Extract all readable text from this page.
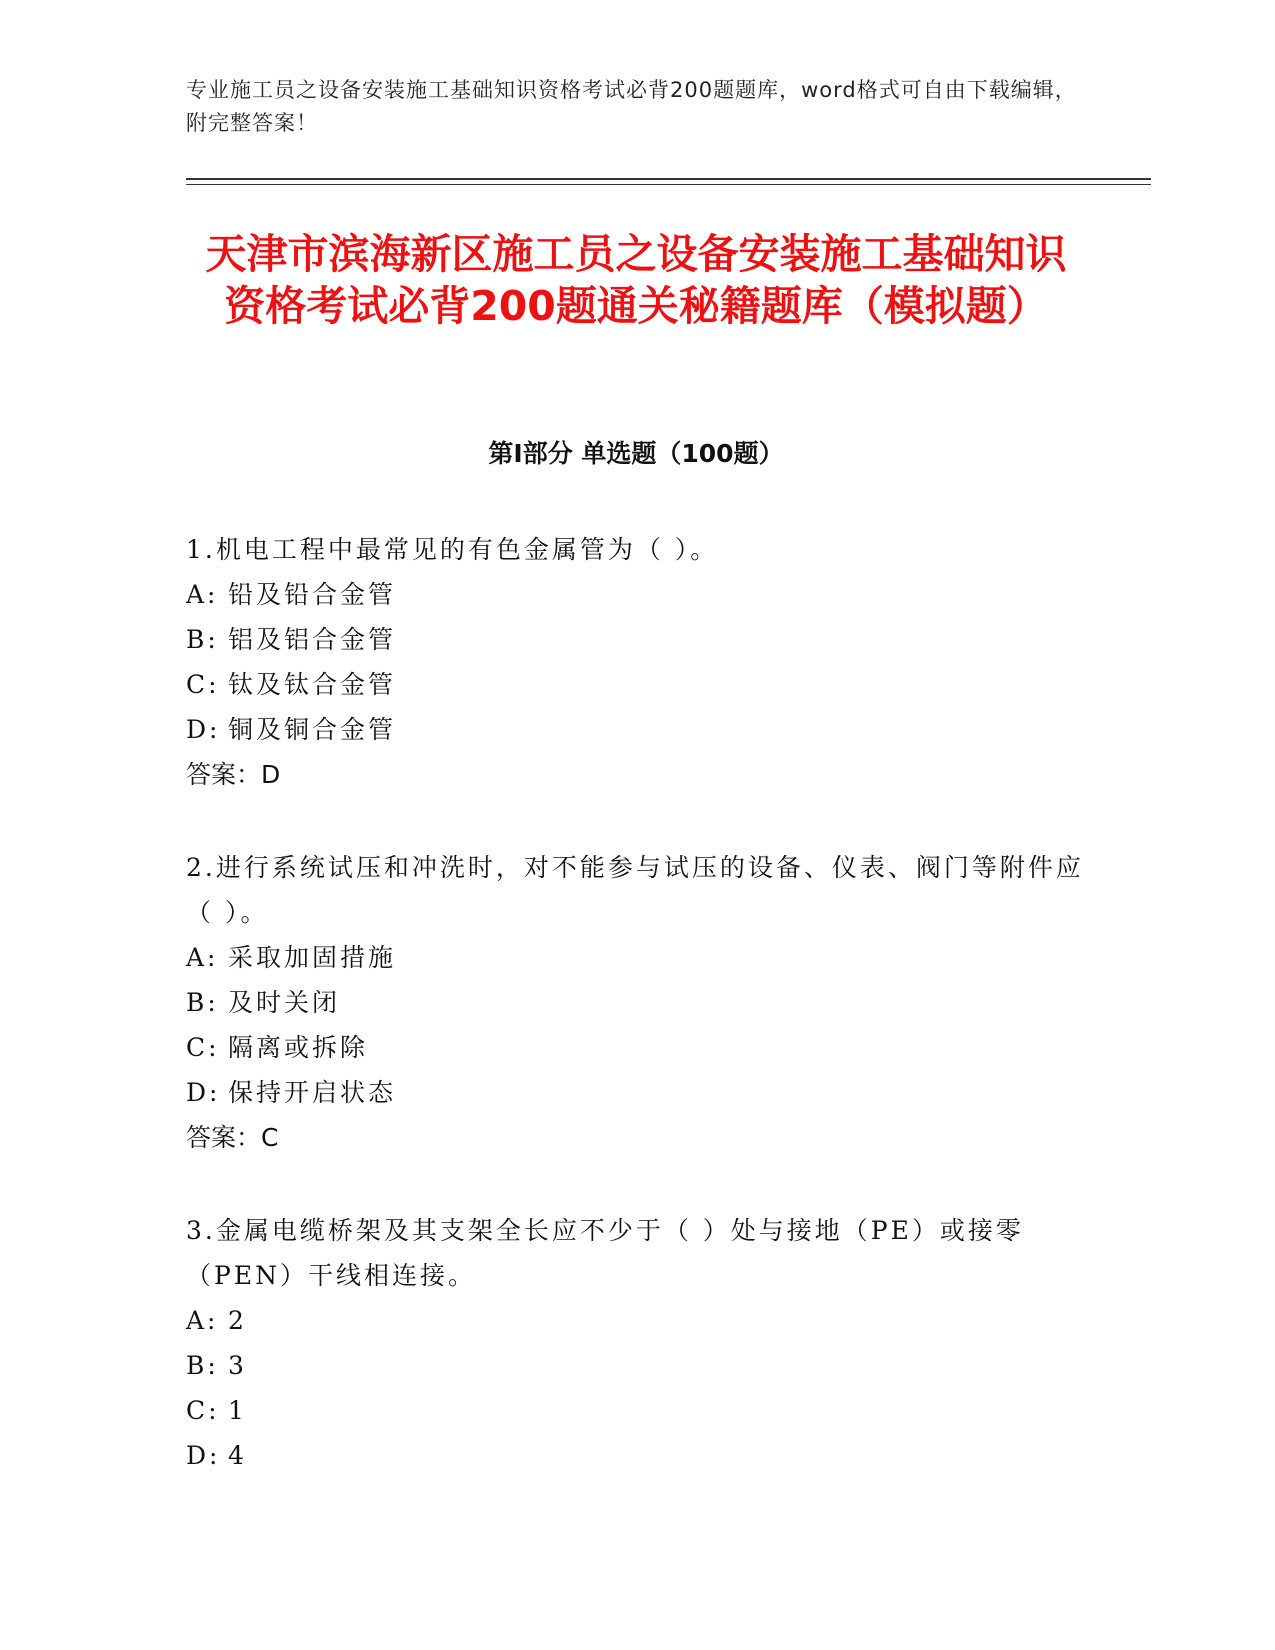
专业施工员之设备安装施工基础知识资格考试必背200题题库，word格式可自由下载编辑，附完整答案！
天津市滨海新区施工员之设备安装施工基础知识资格考试必背200题通关秘籍题库（模拟题）
第I部分 单选题（100题）

1.机电工程中最常见的有色金属管为（ ）。

A: 铅及铅合金管

B: 铝及铝合金管

C: 钛及钛合金管

D: 铜及铜合金管

答案：D

2.进行系统试压和冲洗时，对不能参与试压的设备、仪表、阀门等附件应（ ）。

A: 采取加固措施

B: 及时关闭

C: 隔离或拆除

D: 保持开启状态

答案：C

3.金属电缆桥架及其支架全长应不少于（ ）处与接地（PE）或接零（PEN）干线相连接。

A: 2

B: 3

C: 1

D: 4
